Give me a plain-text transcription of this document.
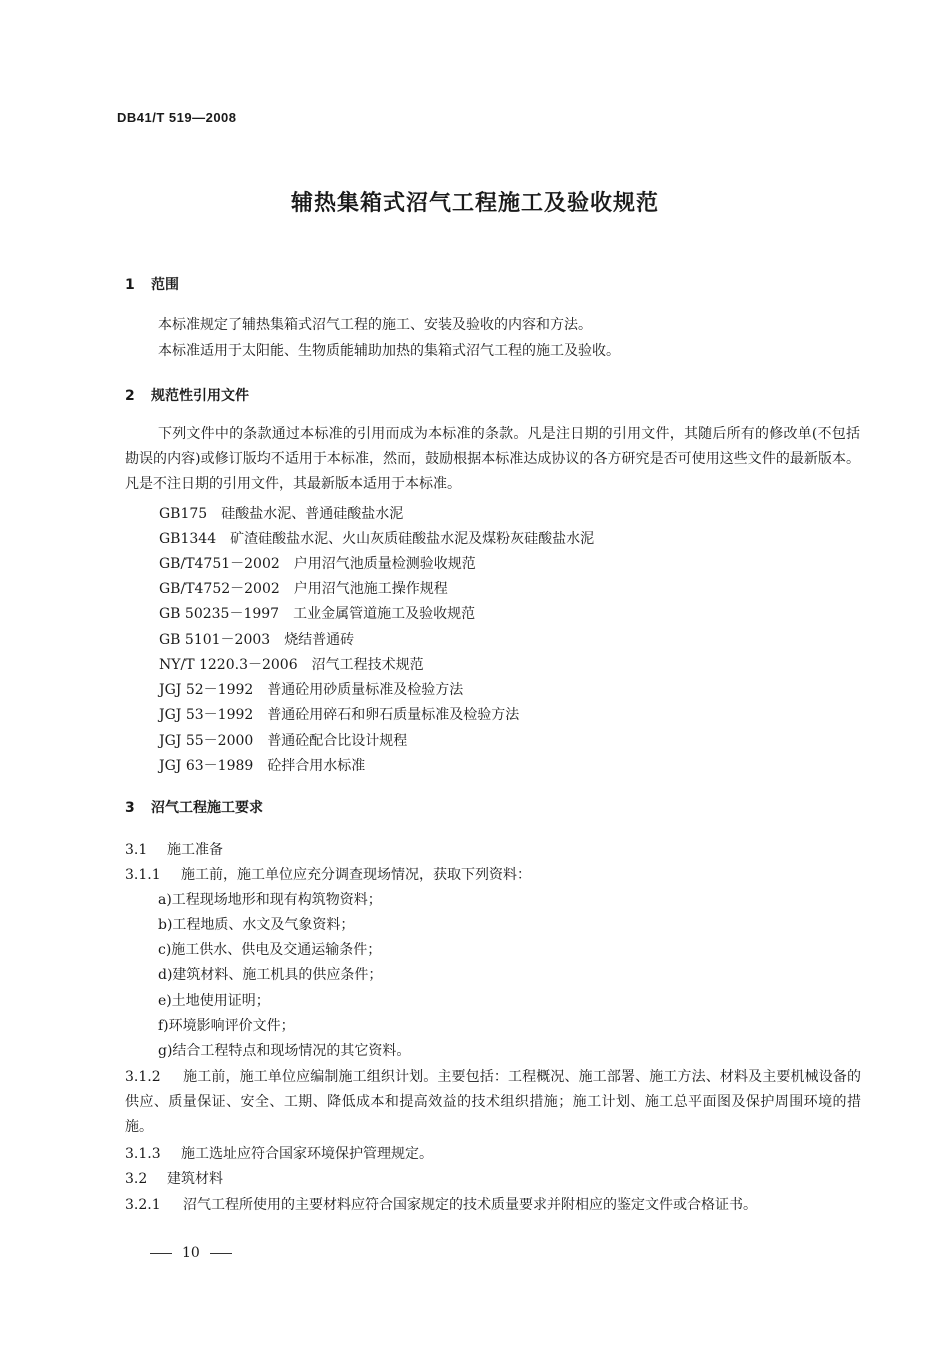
DB41/T 519—2008
辅热集箱式沼气工程施工及验收规范
1 范围

本标准规定了辅热集箱式沼气工程的施工、安装及验收的内容和方法。

本标准适用于太阳能、生物质能辅助加热的集箱式沼气工程的施工及验收。

2 规范性引用文件

下列文件中的条款通过本标准的引用而成为本标准的条款。凡是注日期的引用文件，其随后所有的修改单(不包括勘误的内容)或修订版均不适用于本标准，然而，鼓励根据本标准达成协议的各方研究是否可使用这些文件的最新版本。凡是不注日期的引用文件，其最新版本适用于本标准。

GB175 硅酸盐水泥、普通硅酸盐水泥
GB1344 矿渣硅酸盐水泥、火山灰质硅酸盐水泥及煤粉灰硅酸盐水泥
GB/T4751－2002 户用沼气池质量检测验收规范
GB/T4752－2002 户用沼气池施工操作规程
GB 50235－1997 工业金属管道施工及验收规范
GB 5101－2003 烧结普通砖
NY/T 1220.3－2006 沼气工程技术规范
JGJ 52－1992 普通砼用砂质量标准及检验方法
JGJ 53－1992 普通砼用碎石和卵石质量标准及检验方法
JGJ 55－2000 普通砼配合比设计规程
JGJ 63－1989 砼拌合用水标准
3 沼气工程施工要求
3.1 施工准备
3.1.1 施工前，施工单位应充分调查现场情况，获取下列资料：
a)工程现场地形和现有构筑物资料；
b)工程地质、水文及气象资料；
c)施工供水、供电及交通运输条件；
d)建筑材料、施工机具的供应条件；
e)土地使用证明；
f)环境影响评价文件；
g)结合工程特点和现场情况的其它资料。

3.1.2 施工前，施工单位应编制施工组织计划。主要包括：工程概况、施工部署、施工方法、材料及主要机械设备的供应、质量保证、安全、工期、降低成本和提高效益的技术组织措施；施工计划、施工总平面图及保护周围环境的措施。

3.1.3 施工选址应符合国家环境保护管理规定。
3.2 建筑材料

3.2.1 沼气工程所使用的主要材料应符合国家规定的技术质量要求并附相应的鉴定文件或合格证书。

10
